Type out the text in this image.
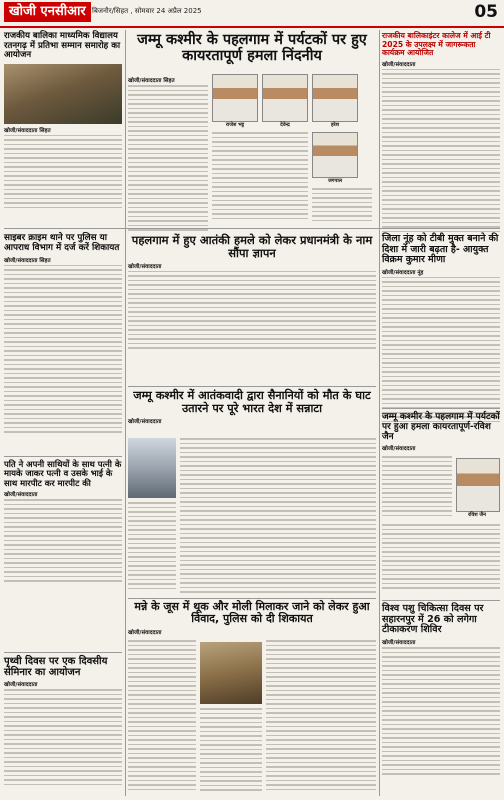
खोजी एनसीआर बिजनौर/सिहत , सोमवार 24 अप्रैल 2025	05

राजकीय बालिका माध्यमिक विद्यालय रतनगढ़ में प्रतिभा सम्मान समारोह का आयोजन

खोजी/संवाददाता सिहत

जम्मू कश्मीर के पहलगाम में पर्यटकों पर हुए कायरतापूर्ण हमला निंदनीय

खोजी/संवाददाता सिहत
राजेश भट्ट	देवेन्द्र	हरेश
जगपाल

राजकीय बालिकाइंटर कालेज में आई टी 2025 के उपलक्ष्य में जागरूकता कार्यक्रम आयोजित

खोजी/संवाददाता

साइबर क्राइम थाने पर पुलिस या आपराध विभाग में दर्ज करें शिकायत

खोजी/संवाददाता सिहत

पहलगाम में हुए आतंकी हमले को लेकर प्रधानमंत्री के नाम सौंपा ज्ञापन

खोजी/संवाददाता

जिला नूंह को टीबी मुक्त बनाने की दिशा में जारी बढ़ता है- आयुक्त विक्रम कुमार मीणा

खोजी/संवाददाता नूंह

जम्मू कश्मीर में आतंकवादी द्वारा सैनानियों को मौत के घाट उतारने पर पूरे भारत देश में सन्नाटा

खोजी/संवाददाता

पति ने अपनी साथियों के साथ पत्नी के मायके जाकर पत्नी व उसके भाई के साथ मारपीट कर मारपीट की

खोजी/संवाददाता

जम्मू कश्मीर के पहलगाम में पर्यटकों पर हुआ हमला कायरतापूर्ण-रविश जैन

खोजी/संवाददाता
रविश जैन

मन्ने के जूस में थूक और मोली मिलाकर जाने को लेकर हुआ विवाद, पुलिस को दी शिकायत

खोजी/संवाददाता

पृथ्वी दिवस पर एक दिवसीय सेमिनार का आयोजन

खोजी/संवाददाता

विश्व पशु चिकित्सा दिवस पर सहारनपुर में 26 को लगेगा टीकाकरण शिविर

खोजी/संवाददाता
